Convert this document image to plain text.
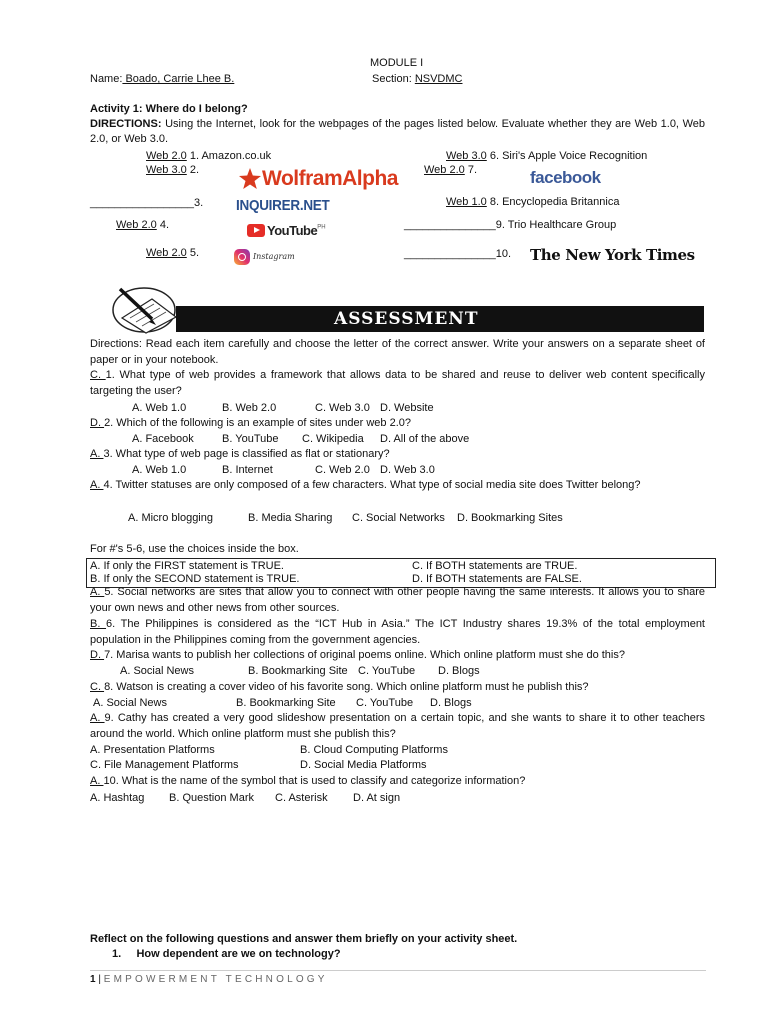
MODULE I
Name: Boado, Carrie Lhee B.	Section: NSVDMC
Activity 1: Where do I belong?
DIRECTIONS: Using the Internet, look for the webpages of the pages listed below. Evaluate whether they are Web 1.0, Web 2.0, or Web 3.0.
Web 2.0 1. Amazon.co.uk
Web 3.0 2.
_________________3.
Web 2.0 4.
Web 2.0 5.
Web 3.0 6. Siri's Apple Voice Recognition
Web 2.0 7.
Web 1.0 8. Encyclopedia Britannica
_______________9. Trio Healthcare Group
_______________10.
WolframAlpha
INQUIRER.NET
YouTube$^{PH}$
Instagram
facebook
The New York Times
ASSESSMENT
Directions: Read each item carefully and choose the letter of the correct answer. Write your answers on a separate sheet of paper or in your notebook.
C. 1. What type of web provides a framework that allows data to be shared and reuse to deliver web content specifically targeting the user?
A. Web 1.0	B. Web 2.0	C. Web 3.0 D. Website
D. 2. Which of the following is an example of sites under web 2.0?
A. Facebook	B. YouTube C. Wikipedia D. All of the above
A. 3. What type of web page is classified as flat or stationary?
A. Web 1.0	B. Internet	C. Web 2.0 D. Web 3.0
A. 4. Twitter statuses are only composed of a few characters. What type of social media site does Twitter belong?
A. Micro blogging	B. Media Sharing C. Social Networks D. Bookmarking Sites
For #'s 5-6, use the choices inside the box.
A. If only the FIRST statement is TRUE.	C. If BOTH statements are TRUE.
B. If only the SECOND statement is TRUE.	D. If BOTH statements are FALSE.
A. 5. Social networks are sites that allow you to connect with other people having the same interests. It allows you to share your own news and other news from other sources.
B. 6. The Philippines is considered as the “ICT Hub in Asia.” The ICT Industry shares 19.3% of the total employment population in the Philippines coming from the government agencies.
D. 7. Marisa wants to publish her collections of original poems online. Which online platform must she do this?
A. Social News	B. Bookmarking Site C. YouTube D. Blogs
C. 8. Watson is creating a cover video of his favorite song. Which online platform must he publish this?
A. Social News	B. Bookmarking Site C. YouTube D. Blogs
A. 9. Cathy has created a very good slideshow presentation on a certain topic, and she wants to share it to other teachers around the world. Which online platform must she publish this?
A. Presentation Platforms	B. Cloud Computing Platforms
C. File Management Platforms	D. Social Media Platforms
A. 10. What is the name of the symbol that is used to classify and categorize information?
A. Hashtag B. Question Mark C. Asterisk D. At sign
Reflect on the following questions and answer them briefly on your activity sheet.
1.     How dependent are we on technology?
1 | EMPOWERMENT TECHNOLOGY
